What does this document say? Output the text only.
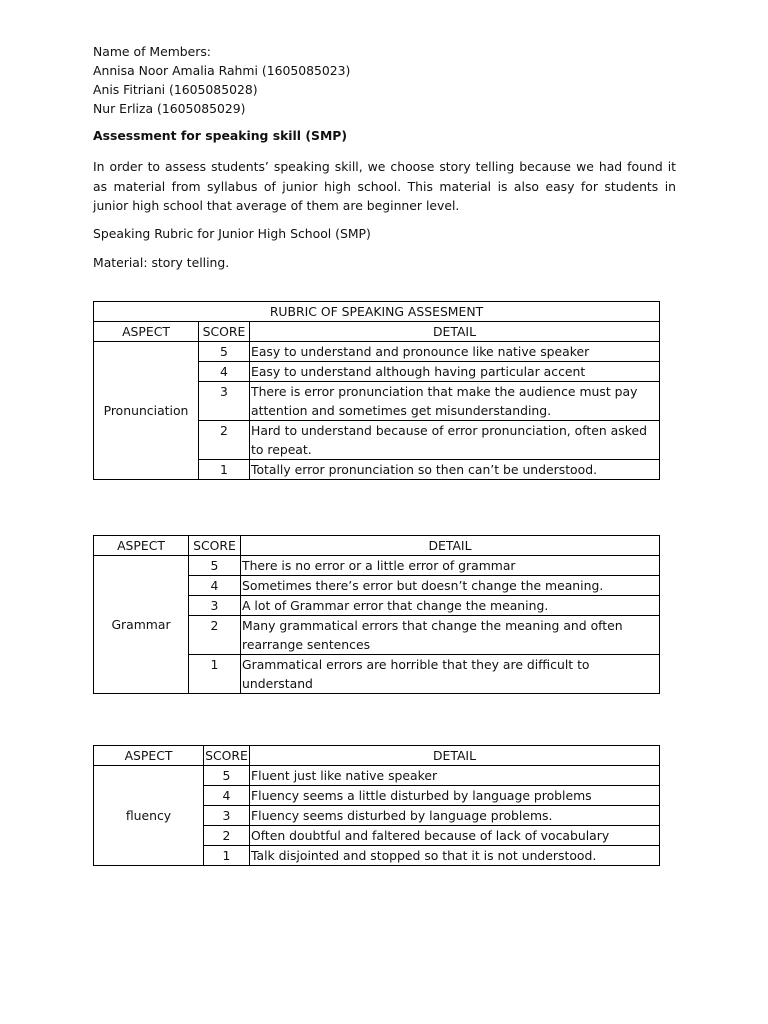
Name of Members:
Annisa Noor Amalia Rahmi (1605085023)
Anis Fitriani (1605085028)
Nur Erliza (1605085029)
Assessment for speaking skill (SMP)
In order to assess students’ speaking skill, we choose story telling because we had found it as material from syllabus of junior high school. This material is also easy for students in junior high school that average of them are beginner level.
Speaking Rubric for Junior High School (SMP)
Material: story telling.
RUBRIC OF SPEAKING ASSESMENT		
ASPECT	SCORE	DETAIL
Pronunciation	5	Easy to understand and pronounce like native speaker
	4	Easy to understand although having particular accent
	3	There is error pronunciation that make the audience must pay attention and sometimes get misunderstanding.
	2	Hard to understand because of error pronunciation, often asked to repeat.
	1	Totally error pronunciation so then can’t be understood.
ASPECT	SCORE	DETAIL
Grammar	5	There is no error or a little error of grammar
	4	Sometimes there’s error but doesn’t change the meaning.
	3	A lot of Grammar error that change the meaning.
	2	Many grammatical errors that change the meaning and often rearrange sentences
	1	Grammatical errors are horrible that they are difficult to understand
ASPECT	SCORE	DETAIL
fluency	5	Fluent just like native speaker
	4	Fluency seems a little disturbed by language problems
	3	Fluency seems disturbed by language problems.
	2	Often doubtful and faltered because of lack of vocabulary
	1	Talk disjointed and stopped so that it is not understood.
